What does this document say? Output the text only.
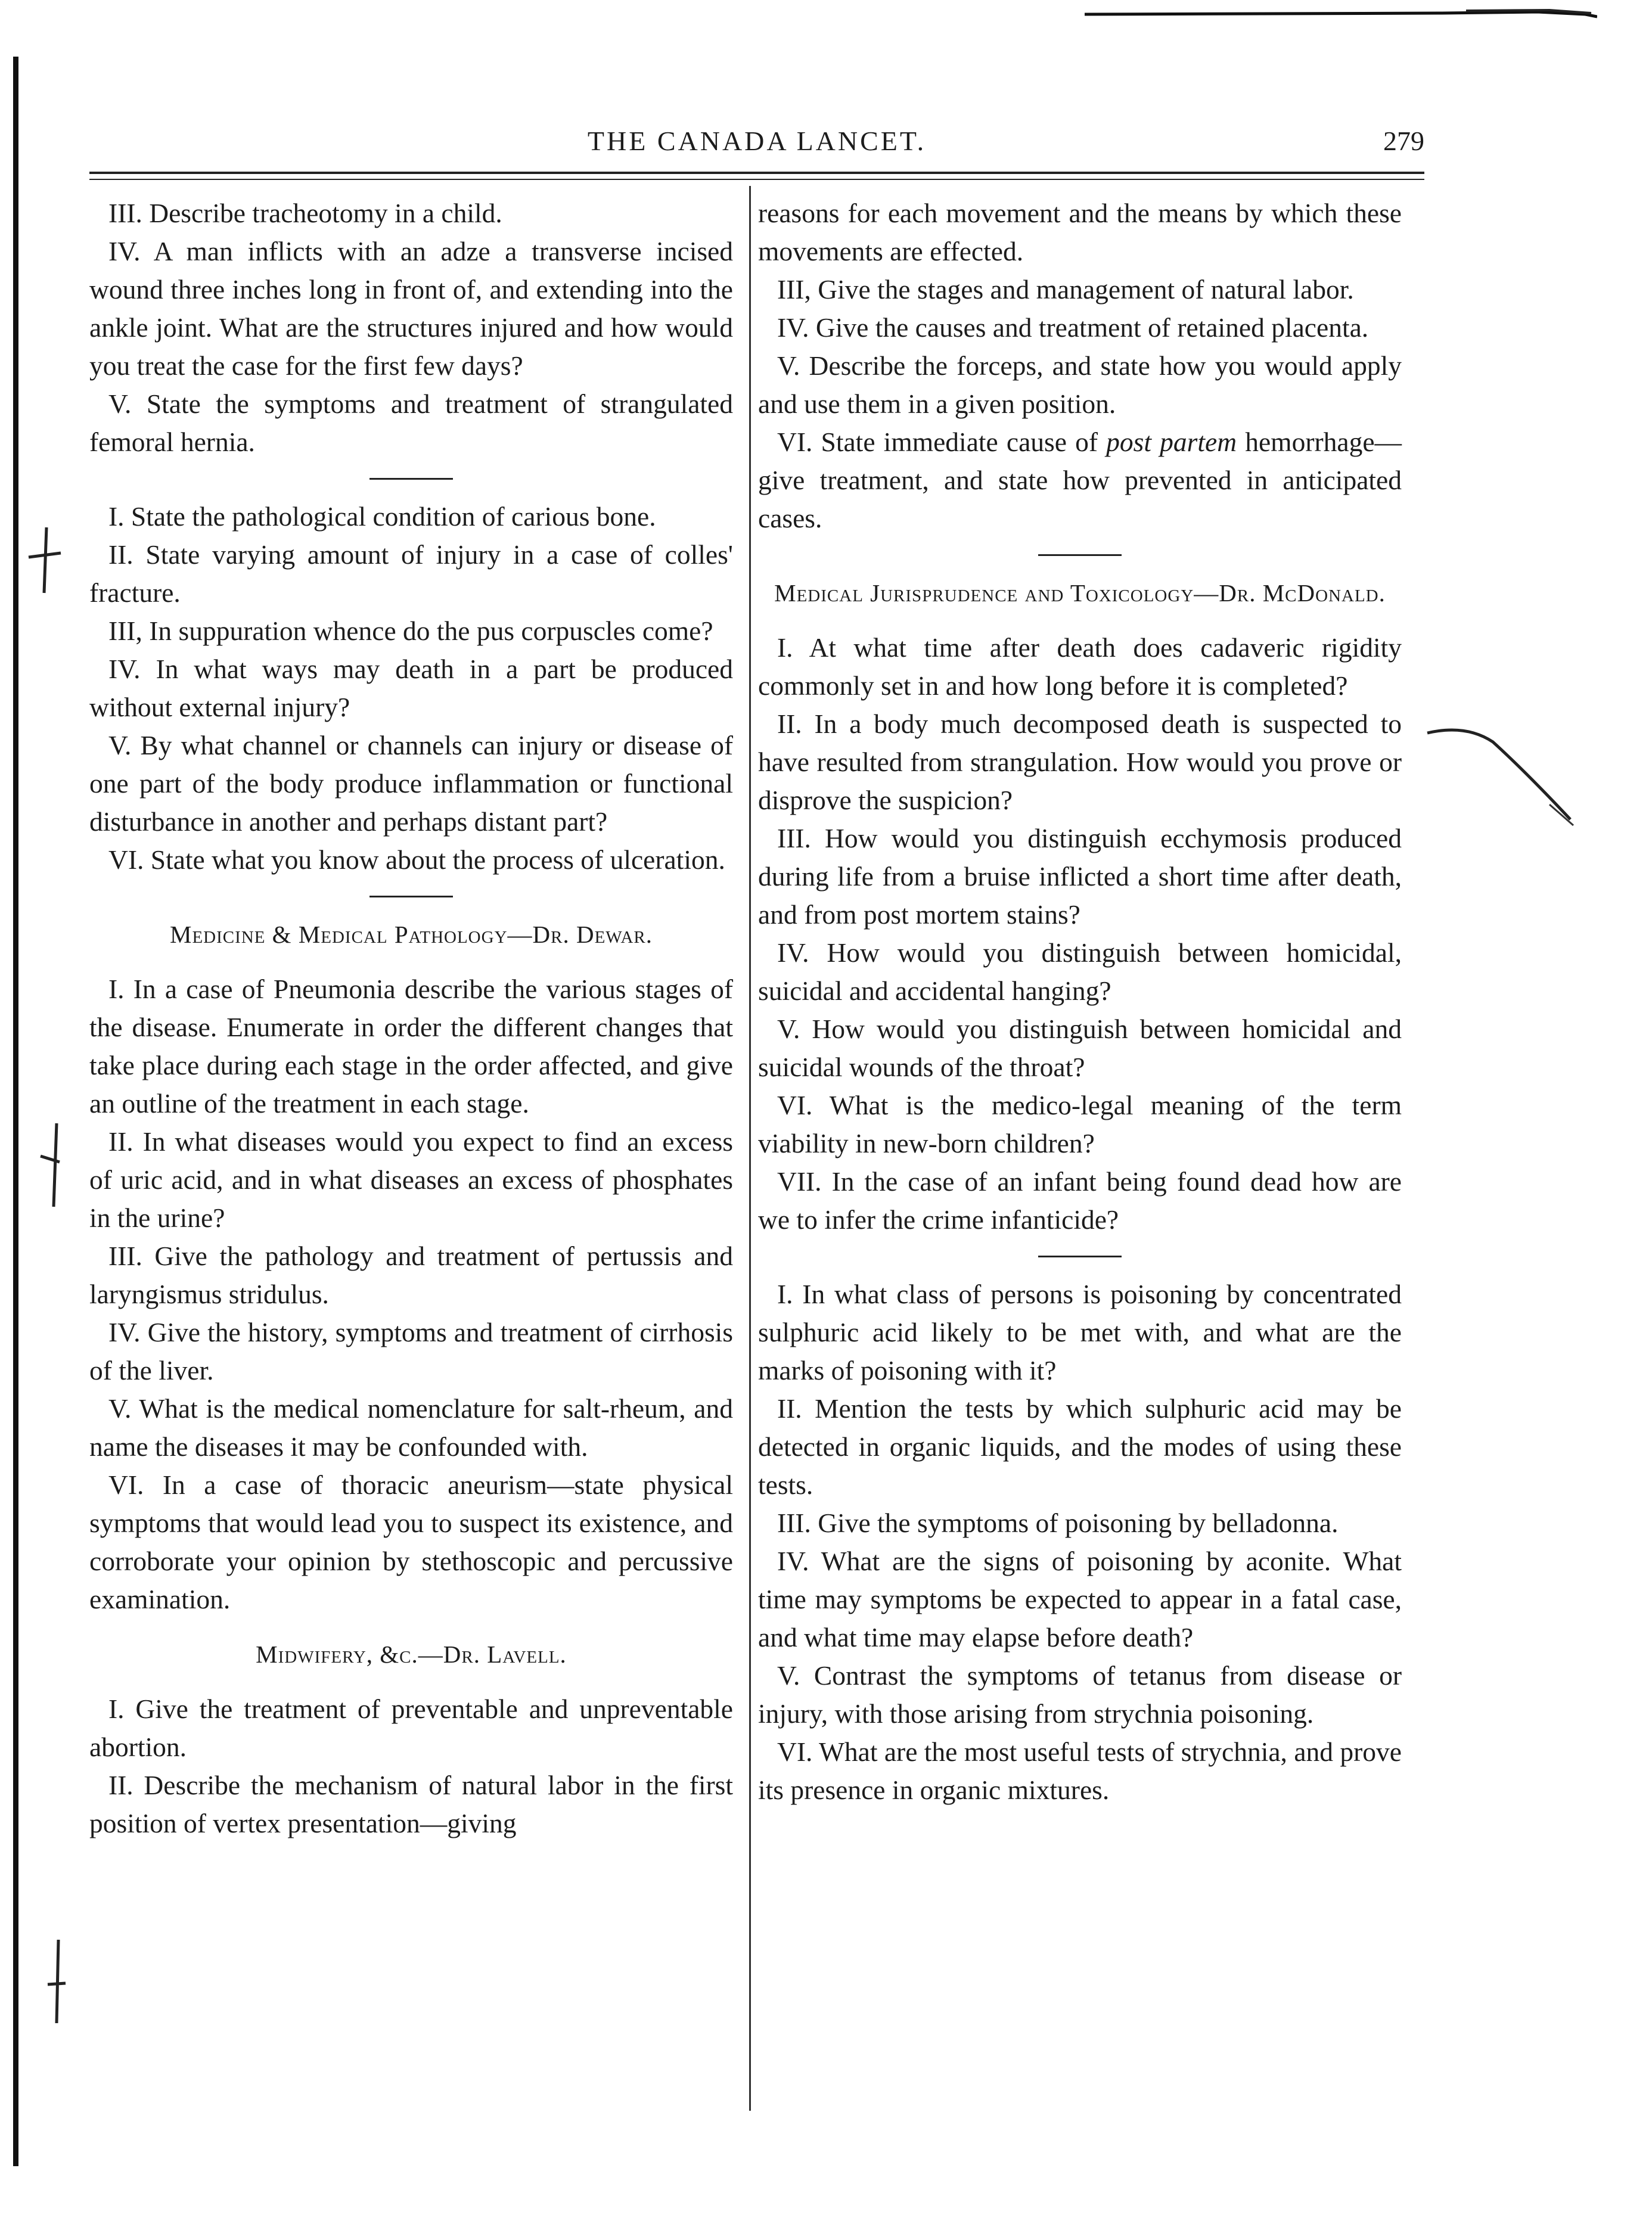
THE CANADA LANCET.	279

III. Describe tracheotomy in a child.

IV. A man inflicts with an adze a transverse incised wound three inches long in front of, and extending into the ankle joint. What are the structures injured and how would you treat the case for the first few days?

V. State the symptoms and treatment of strangulated femoral hernia.

I. State the pathological condition of carious bone.

II. State varying amount of injury in a case of colles' fracture.

III, In suppuration whence do the pus corpuscles come?

IV. In what ways may death in a part be produced without external injury?

V. By what channel or channels can injury or disease of one part of the body produce inflammation or functional disturbance in another and perhaps distant part?

VI. State what you know about the process of ulceration.

Medicine & Medical Pathology—Dr. Dewar.

I. In a case of Pneumonia describe the various stages of the disease. Enumerate in order the different changes that take place during each stage in the order affected, and give an outline of the treatment in each stage.

II. In what diseases would you expect to find an excess of uric acid, and in what diseases an excess of phosphates in the urine?

III. Give the pathology and treatment of pertussis and laryngismus stridulus.

IV. Give the history, symptoms and treatment of cirrhosis of the liver.

V. What is the medical nomenclature for salt-rheum, and name the diseases it may be confounded with.

VI. In a case of thoracic aneurism—state physical symptoms that would lead you to suspect its existence, and corroborate your opinion by stethoscopic and percussive examination.

Midwifery, &c.—Dr. Lavell.

I. Give the treatment of preventable and unpreventable abortion.

II. Describe the mechanism of natural labor in the first position of vertex presentation—giving

reasons for each movement and the means by which these movements are effected.

III, Give the stages and management of natural labor.

IV. Give the causes and treatment of retained placenta.

V. Describe the forceps, and state how you would apply and use them in a given position.

VI. State immediate cause of post partem hemorrhage—give treatment, and state how prevented in anticipated cases.

Medical Jurisprudence and Toxicology—Dr. McDonald.

I. At what time after death does cadaveric rigidity commonly set in and how long before it is completed?

II. In a body much decomposed death is suspected to have resulted from strangulation. How would you prove or disprove the suspicion?

III. How would you distinguish ecchymosis produced during life from a bruise inflicted a short time after death, and from post mortem stains?

IV. How would you distinguish between homicidal, suicidal and accidental hanging?

V. How would you distinguish between homicidal and suicidal wounds of the throat?

VI. What is the medico-legal meaning of the term viability in new-born children?

VII. In the case of an infant being found dead how are we to infer the crime infanticide?

I. In what class of persons is poisoning by concentrated sulphuric acid likely to be met with, and what are the marks of poisoning with it?

II. Mention the tests by which sulphuric acid may be detected in organic liquids, and the modes of using these tests.

III. Give the symptoms of poisoning by belladonna.

IV. What are the signs of poisoning by aconite. What time may symptoms be expected to appear in a fatal case, and what time may elapse before death?

V. Contrast the symptoms of tetanus from disease or injury, with those arising from strychnia poisoning.

VI. What are the most useful tests of strychnia, and prove its presence in organic mixtures.
